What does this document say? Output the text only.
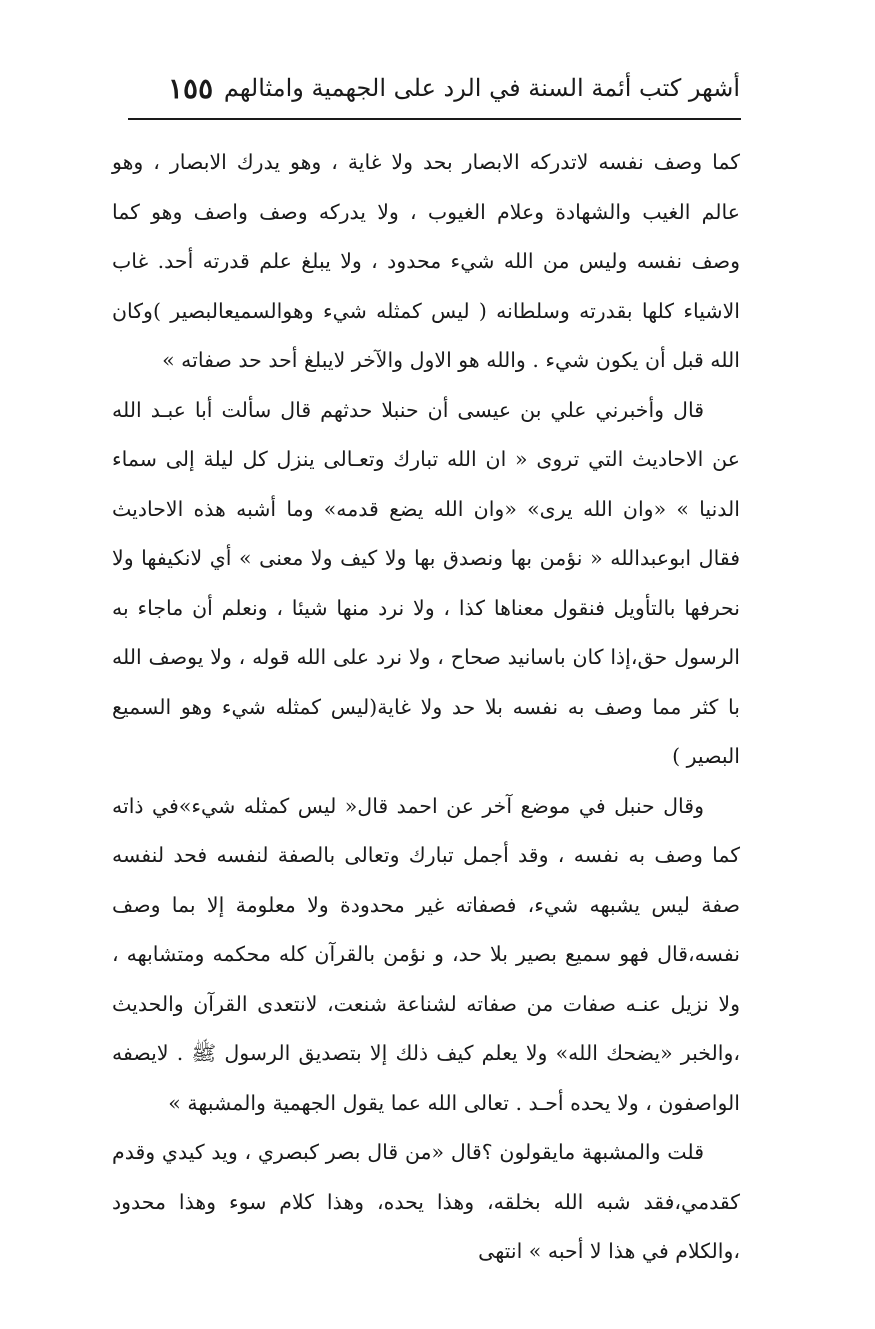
أشهر كتب أئمة السنة في الرد على الجهمية وامثالهم
١٥٥

كما وصف نفسه لاتدركه الابصار بحد ولا غاية ، وهو يدرك الابصار ، وهو عالم الغيب والشهادة وعلام الغيوب ، ولا يدركه وصف واصف وهو كما وصف نفسه وليس من الله شيء محدود ، ولا يبلغ علم قدرته أحد. غاب الاشياء كلها بقدرته وسلطانه ( ليس كمثله شيء وهوالسميعالبصير )وكان الله قبل أن يكون شيء . والله هو الاول والآخر لايبلغ أحد حد صفاته »

قال وأخبرني علي بن عيسى أن حنبلا حدثهم قال سألت أبا عبـد الله عن الاحاديث التي تروى « ان الله تبارك وتعـالى ينزل كل ليلة إلى سماء الدنيا » «وان الله يرى» «وان الله يضع قدمه» وما أشبه هذه الاحاديث فقال ابوعبدالله « نؤمن بها ونصدق بها ولا كيف ولا معنى » أي لانكيفها ولا نحرفها بالتأويل فنقول معناها كذا ، ولا نرد منها شيئا ، ونعلم أن ماجاء به الرسول حق،إذا كان باسانيد صحاح ، ولا نرد على الله قوله ، ولا يوصف الله با كثر مما وصف به نفسه بلا حد ولا غاية(ليس كمثله شيء وهو السميع البصير )

وقال حنبل في موضع آخر عن احمد قال« ليس كمثله شيء»في ذاته كما وصف به نفسه ، وقد أجمل تبارك وتعالى بالصفة لنفسه فحد لنفسه صفة ليس يشبهه شيء، فصفاته غير محدودة ولا معلومة إلا بما وصف نفسه،قال فهو سميع بصير بلا حد، و نؤمن بالقرآن كله محكمه ومتشابهه ، ولا نزيل عنـه صفات من صفاته لشناعة شنعت، لانتعدى القرآن والحديث ،والخبر «يضحك الله» ولا يعلم كيف ذلك إلا بتصديق الرسول ﷺ . لايصفه الواصفون ، ولا يحده أحـد . تعالى الله عما يقول الجهمية والمشبهة »

قلت والمشبهة مايقولون ؟قال «من قال بصر كبصري ، ويد كيدي وقدم كقدمي،فقد شبه الله بخلقه، وهذا يحده، وهذا كلام سوء وهذا محدود ،والكلام في هذا لا أحبه » انتهى
